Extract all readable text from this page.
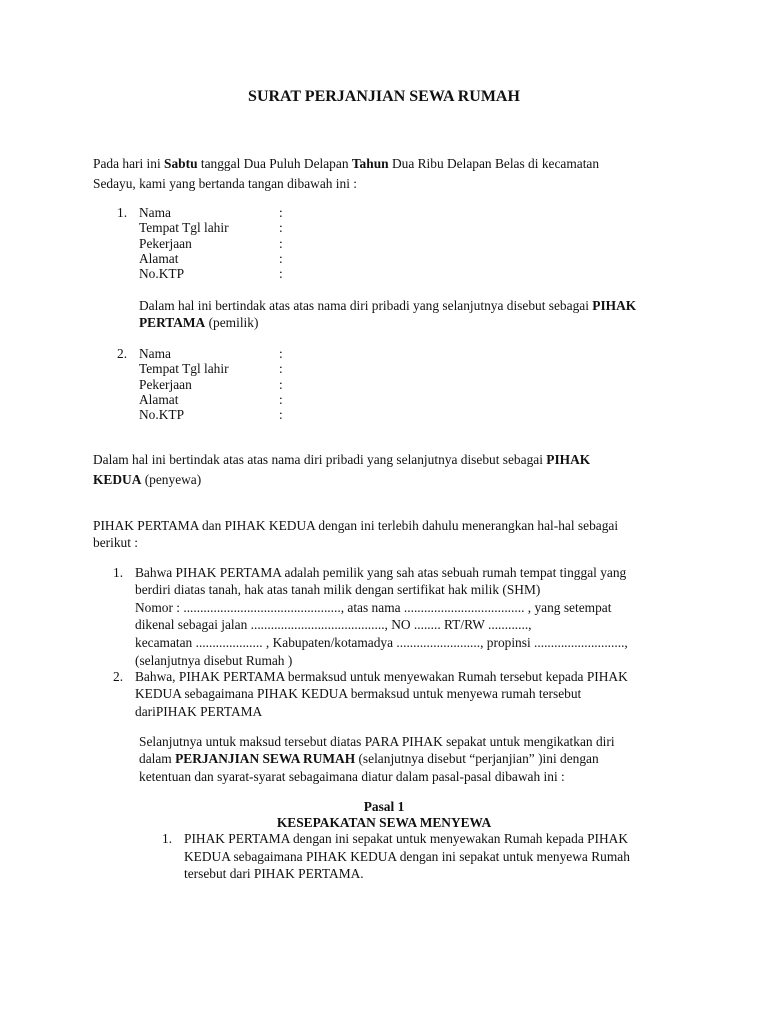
SURAT PERJANJIAN SEWA RUMAH
Pada hari ini Sabtu tanggal Dua Puluh Delapan Tahun Dua Ribu Delapan Belas di kecamatan
Sedayu, kami yang bertanda tangan dibawah ini :
1. Nama	:
Tempat Tgl lahir	:
Pekerjaan	:
Alamat	:
No.KTP	:
Dalam hal ini bertindak atas atas nama diri pribadi yang selanjutnya disebut sebagai PIHAK
PERTAMA (pemilik)
2. Nama	:
Tempat Tgl lahir	:
Pekerjaan	:
Alamat	:
No.KTP	:
Dalam hal ini bertindak atas atas nama diri pribadi yang selanjutnya disebut sebagai PIHAK
KEDUA (penyewa)
PIHAK PERTAMA dan PIHAK KEDUA dengan ini terlebih dahulu menerangkan hal-hal sebagai
berikut :
1. Bahwa PIHAK PERTAMA adalah pemilik yang sah atas sebuah rumah tempat tinggal yang
berdiri diatas tanah, hak atas tanah milik dengan sertifikat hak milik (SHM)
Nomor : ..............................................., atas nama .................................... , yang setempat
dikenal sebagai jalan ........................................, NO ........ RT/RW ............,
kecamatan .................... , Kabupaten/kotamadya ........................., propinsi ...........................,
(selanjutnya disebut Rumah )
2. Bahwa, PIHAK PERTAMA bermaksud untuk menyewakan Rumah tersebut kepada PIHAK
KEDUA sebagaimana PIHAK KEDUA bermaksud untuk menyewa rumah tersebut
dariPIHAK PERTAMA
Selanjutnya untuk maksud tersebut diatas PARA PIHAK sepakat untuk mengikatkan diri
dalam PERJANJIAN SEWA RUMAH (selanjutnya disebut “perjanjian” )ini dengan
ketentuan dan syarat-syarat sebagaimana diatur dalam pasal-pasal dibawah ini :
Pasal 1
KESEPAKATAN SEWA MENYEWA
1. PIHAK PERTAMA dengan ini sepakat untuk menyewakan Rumah kepada PIHAK
KEDUA sebagaimana PIHAK KEDUA dengan ini sepakat untuk menyewa Rumah
tersebut dari PIHAK PERTAMA.
